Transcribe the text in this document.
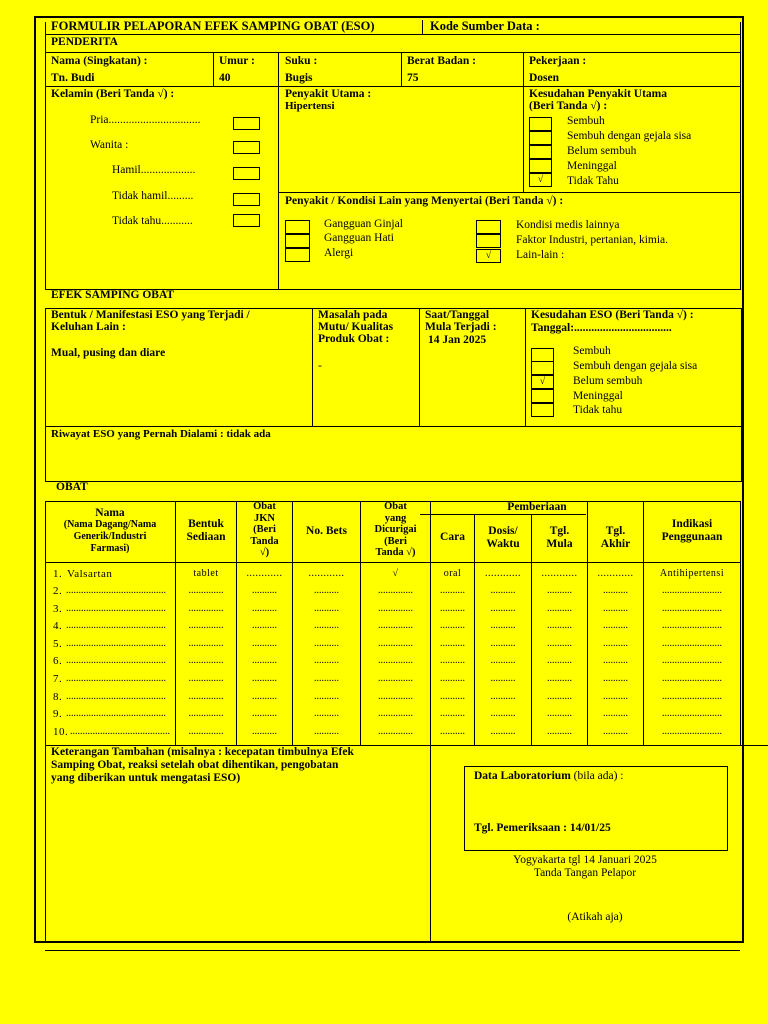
FORMULIR PELAPORAN EFEK SAMPING OBAT (ESO)	Kode Sumber Data :
PENDERITA
Nama (Singkatan) :
Tn. Budi
Umur :
40
Suku :
Bugis
Berat Badan :
75
Pekerjaan :
Dosen
Kelamin (Beri Tanda √) :
Pria................................
Wanita :
Hamil...................
Tidak hamil.........
Tidak tahu...........
Penyakit Utama :
Hipertensi
Kesudahan Penyakit Utama
(Beri Tanda √) :
Sembuh
Sembuh dengan gejala sisa
Belum sembuh
Meninggal
√	Tidak Tahu
Penyakit / Kondisi Lain yang Menyertai (Beri Tanda √) :
Gangguan Ginjal
Gangguan Hati
Alergi	√
Kondisi medis lainnya
Faktor Industri, pertanian, kimia.
Lain-lain :
EFEK SAMPING OBAT
Bentuk / Manifestasi ESO yang Terjadi /
Keluhan Lain :
Mual, pusing dan diare
Masalah pada
Mutu/ Kualitas
Produk Obat :
-
Saat/Tanggal
Mula Terjadi :
14 Jan 2025
Kesudahan ESO (Beri Tanda √) :
Tanggal:..................................
Sembuh
Sembuh dengan gejala sisa
√	Belum sembuh
Meninggal
Tidak tahu
Riwayat ESO yang Pernah Dialami : tidak ada
OBAT
Nama
(Nama Dagang/Nama
Generik/Industri
Farmasi)
Bentuk
Sediaan
Obat
JKN
(Beri
Tanda
√)
No. Bets
Obat
yang
Dicurigai
(Beri
Tanda √)
Pemberiaan
Cara	Dosis/
Waktu
Tgl.
Mula
Tgl.
Akhir
Indikasi
Penggunaan
1. Valsartan	tablet	............	............	√	oral	............	............	............	Antihipertensi
2. ........................................	..............	..........	..........	..............	..........	..........	..........	..........	........................
3. ........................................	..............	..........	..........	..............	..........	..........	..........	..........	........................
4. ........................................	..............	..........	..........	..............	..........	..........	..........	..........	........................
5. ........................................	..............	..........	..........	..............	..........	..........	..........	..........	........................
6. ........................................	..............	..........	..........	..............	..........	..........	..........	..........	........................
7. ........................................	..............	..........	..........	..............	..........	..........	..........	..........	........................
8. ........................................	..............	..........	..........	..............	..........	..........	..........	..........	........................
9. ........................................	..............	..........	..........	..............	..........	..........	..........	..........	........................
10. ........................................	..............	..........	..........	..............	..........	..........	..........	..........	........................
Keterangan Tambahan (misalnya : kecepatan timbulnya Efek
Samping Obat, reaksi setelah obat dihentikan, pengobatan
yang diberikan untuk mengatasi ESO)	Data Laboratorium (bila ada) :
Tgl. Pemeriksaan : 14/01/25
Yogyakarta tgl 14 Januari 2025
Tanda Tangan Pelapor
(Atikah aja)
